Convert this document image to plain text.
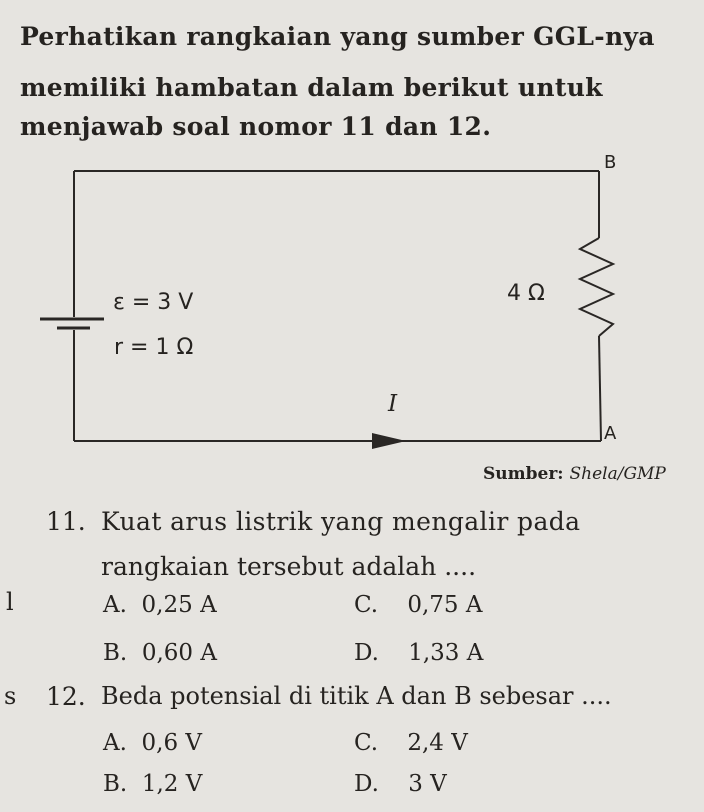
Perhatikan rangkaian yang sumber GGL-nya
memiliki hambatan dalam berikut untuk
menjawab soal nomor 11 dan 12.
B
ε = 3 V
r = 1 Ω
4 Ω
I
A
Sumber: Shela/GMP
11. Kuat arus listrik yang mengalir pada
rangkaian tersebut adalah ....
l	A. 0,25 A	C. 0,75 A
B. 0,60 A	D. 1,33 A
s 12. Beda potensial di titik A dan B sebesar ....
A. 0,6 V	C. 2,4 V
B. 1,2 V	D. 3 V
